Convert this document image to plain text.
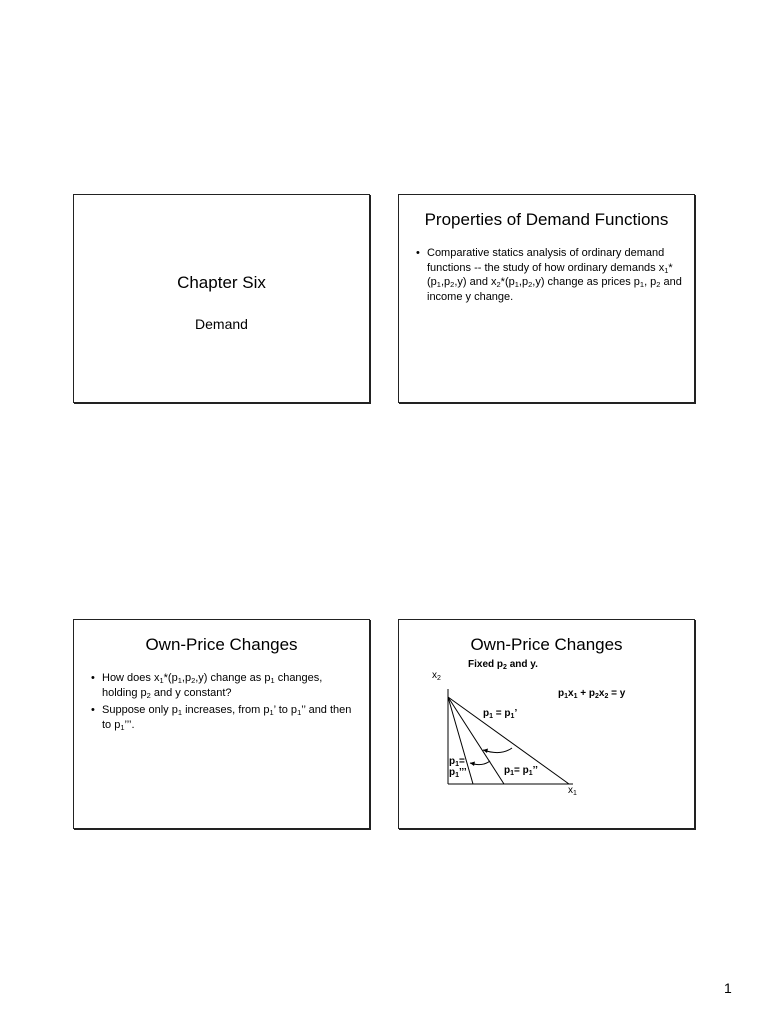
Chapter Six
Demand
Properties of Demand Functions
• Comparative statics analysis of ordinary demand functions -- the study of how ordinary demands $x_1*(p_1,p_2,y)$ and $x_2*(p_1,p_2,y)$ change as prices $p_1$, $p_2$ and income y change.
Own-Price Changes
• How does $x_1*(p_1,p_2,y)$ change as $p_1$ changes, holding $p_2$ and y constant?
• Suppose only $p_1$ increases, from $p_1$’ to $p_1$’’ and then to $p_1$’’’.
Own-Price Changes
Fixed $p_2$ and y.
$x_2$
$x_1$
$p_1x_1 + p_2x_2 = y$
$p_1 = p_1$’
$p_1= p_1$’’
$p_1=$
$p_1$’’’
1
